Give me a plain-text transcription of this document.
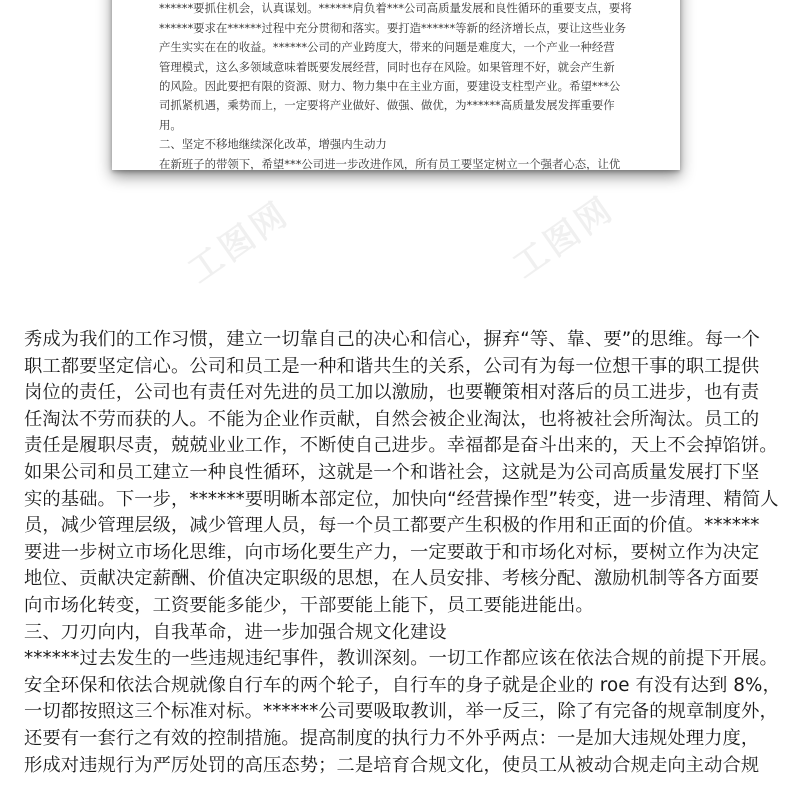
******要抓住机会，认真谋划。******肩负着***公司高质量发展和良性循环的重要支点，要将

******要求在******过程中充分贯彻和落实。要打造******等新的经济增长点，要让这些业务

产生实实在在的收益。******公司的产业跨度大，带来的问题是难度大，一个产业一种经营

管理模式，这么多领域意味着既要发展经营，同时也存在风险。如果管理不好，就会产生新

的风险。因此要把有限的资源、财力、物力集中在主业方面，要建设支柱型产业。希望***公

司抓紧机遇，乘势而上，一定要将产业做好、做强、做优，为******高质量发展发挥重要作

用。

二、坚定不移地继续深化改革，增强内生动力

在新班子的带领下，希望***公司进一步改进作风，所有员工要坚定树立一个强者心态，让优

工图网	工图网

秀成为我们的工作习惯，建立一切靠自己的决心和信心，摒弃“等、靠、要”的思维。每一个

职工都要坚定信心。公司和员工是一种和谐共生的关系，公司有为每一位想干事的职工提供

岗位的责任，公司也有责任对先进的员工加以激励，也要鞭策相对落后的员工进步，也有责

任淘汰不劳而获的人。不能为企业作贡献，自然会被企业淘汰，也将被社会所淘汰。员工的

责任是履职尽责，兢兢业业工作，不断使自己进步。幸福都是奋斗出来的，天上不会掉馅饼。

如果公司和员工建立一种良性循环，这就是一个和谐社会，这就是为公司高质量发展打下坚

实的基础。下一步，******要明晰本部定位，加快向“经营操作型”转变，进一步清理、精简人

员，减少管理层级，减少管理人员，每一个员工都要产生积极的作用和正面的价值。******

要进一步树立市场化思维，向市场化要生产力，一定要敢于和市场化对标，要树立作为决定

地位、贡献决定薪酬、价值决定职级的思想，在人员安排、考核分配、激励机制等各方面要

向市场化转变，工资要能多能少，干部要能上能下，员工要能进能出。

三、刀刃向内，自我革命，进一步加强合规文化建设

******过去发生的一些违规违纪事件，教训深刻。一切工作都应该在依法合规的前提下开展。

安全环保和依法合规就像自行车的两个轮子，自行车的身子就是企业的 roe 有没有达到 8%，

一切都按照这三个标准对标。******公司要吸取教训，举一反三，除了有完备的规章制度外，

还要有一套行之有效的控制措施。提高制度的执行力不外乎两点：一是加大违规处理力度，

形成对违规行为严厉处罚的高压态势；二是培育合规文化，使员工从被动合规走向主动合规
